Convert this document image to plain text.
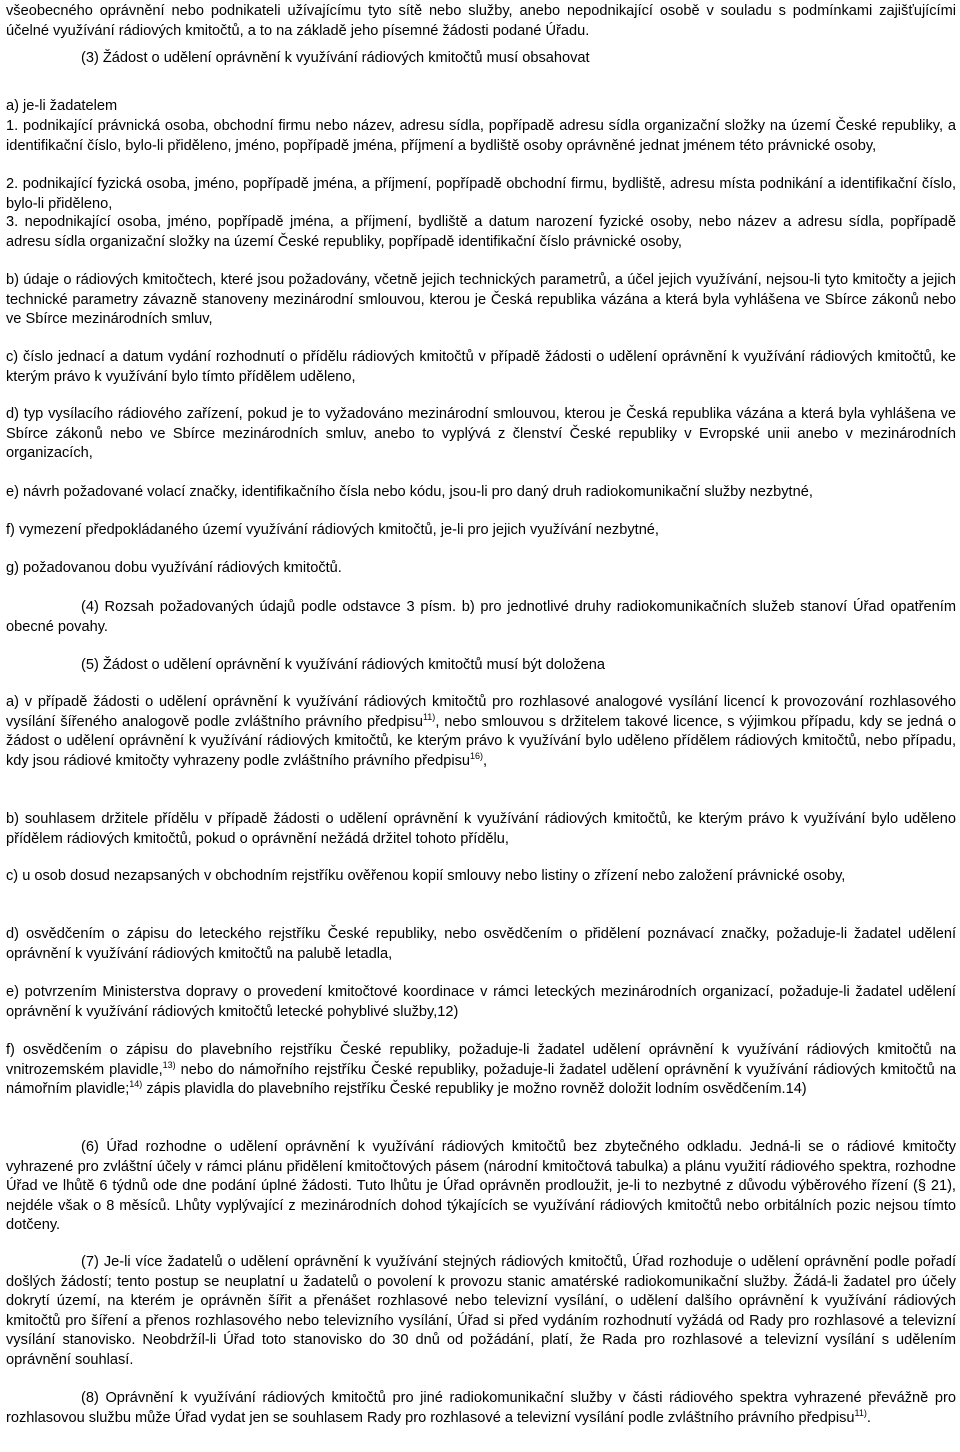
všeobecného oprávnění nebo podnikateli užívajícímu tyto sítě nebo služby, anebo nepodnikající osobě v souladu s podmínkami zajišťujícími účelné využívání rádiových kmitočtů, a to na základě jeho písemné žádosti podané Úřadu.

(3) Žádost o udělení oprávnění k využívání rádiových kmitočtů musí obsahovat

a) je-li žadatelem

1. podnikající právnická osoba, obchodní firmu nebo název, adresu sídla, popřípadě adresu sídla organizační složky na území České republiky, a identifikační číslo, bylo-li přiděleno, jméno, popřípadě jména, příjmení a bydliště osoby oprávněné jednat jménem této právnické osoby,

2. podnikající fyzická osoba, jméno, popřípadě jména, a příjmení, popřípadě obchodní firmu, bydliště, adresu místa podnikání a identifikační číslo, bylo-li přiděleno,

3. nepodnikající osoba, jméno, popřípadě jména, a příjmení, bydliště a datum narození fyzické osoby, nebo název a adresu sídla, popřípadě adresu sídla organizační složky na území České republiky, popřípadě identifikační číslo právnické osoby,

b) údaje o rádiových kmitočtech, které jsou požadovány, včetně jejich technických parametrů, a účel jejich využívání, nejsou-li tyto kmitočty a jejich technické parametry závazně stanoveny mezinárodní smlouvou, kterou je Česká republika vázána a která byla vyhlášena ve Sbírce zákonů nebo ve Sbírce mezinárodních smluv,

c) číslo jednací a datum vydání rozhodnutí o přídělu rádiových kmitočtů v případě žádosti o udělení oprávnění k využívání rádiových kmitočtů, ke kterým právo k využívání bylo tímto přídělem uděleno,

d) typ vysílacího rádiového zařízení, pokud je to vyžadováno mezinárodní smlouvou, kterou je Česká republika vázána a která byla vyhlášena ve Sbírce zákonů nebo ve Sbírce mezinárodních smluv, anebo to vyplývá z členství České republiky v Evropské unii anebo v mezinárodních organizacích,

e) návrh požadované volací značky, identifikačního čísla nebo kódu, jsou-li pro daný druh radiokomunikační služby nezbytné,

f) vymezení předpokládaného území využívání rádiových kmitočtů, je-li pro jejich využívání nezbytné,

g) požadovanou dobu využívání rádiových kmitočtů.

(4) Rozsah požadovaných údajů podle odstavce 3 písm. b) pro jednotlivé druhy radiokomunikačních služeb stanoví Úřad opatřením obecné povahy.

(5) Žádost o udělení oprávnění k využívání rádiových kmitočtů musí být doložena

a) v případě žádosti o udělení oprávnění k využívání rádiových kmitočtů pro rozhlasové analogové vysílání licencí k provozování rozhlasového vysílání šířeného analogově podle zvláštního právního předpisu$^{11)}$, nebo smlouvou s držitelem takové licence, s výjimkou případu, kdy se jedná o žádost o udělení oprávnění k využívání rádiových kmitočtů, ke kterým právo k využívání bylo uděleno přídělem rádiových kmitočtů, nebo případu, kdy jsou rádiové kmitočty vyhrazeny podle zvláštního právního předpisu$^{16)}$,

b) souhlasem držitele přídělu v případě žádosti o udělení oprávnění k využívání rádiových kmitočtů, ke kterým právo k využívání bylo uděleno přídělem rádiových kmitočtů, pokud o oprávnění nežádá držitel tohoto přídělu,

c) u osob dosud nezapsaných v obchodním rejstříku ověřenou kopií smlouvy nebo listiny o zřízení nebo založení právnické osoby,

d) osvědčením o zápisu do leteckého rejstříku České republiky, nebo osvědčením o přidělení poznávací značky, požaduje-li žadatel udělení oprávnění k využívání rádiových kmitočtů na palubě letadla,

e) potvrzením Ministerstva dopravy o provedení kmitočtové koordinace v rámci leteckých mezinárodních organizací, požaduje-li žadatel udělení oprávnění k využívání rádiových kmitočtů letecké pohyblivé služby,12)

f) osvědčením o zápisu do plavebního rejstříku České republiky, požaduje-li žadatel udělení oprávnění k využívání rádiových kmitočtů na vnitrozemském plavidle,$^{13)}$ nebo do námořního rejstříku České republiky, požaduje-li žadatel udělení oprávnění k využívání rádiových kmitočtů na námořním plavidle;$^{14)}$ zápis plavidla do plavebního rejstříku České republiky je možno rovněž doložit lodním osvědčením.14)

(6) Úřad rozhodne o udělení oprávnění k využívání rádiových kmitočtů bez zbytečného odkladu. Jedná-li se o rádiové kmitočty vyhrazené pro zvláštní účely v rámci plánu přidělení kmitočtových pásem (národní kmitočtová tabulka) a plánu využití rádiového spektra, rozhodne Úřad ve lhůtě 6 týdnů ode dne podání úplné žádosti. Tuto lhůtu je Úřad oprávněn prodloužit, je-li to nezbytné z důvodu výběrového řízení (§ 21), nejdéle však o 8 měsíců. Lhůty vyplývající z mezinárodních dohod týkajících se využívání rádiových kmitočtů nebo orbitálních pozic nejsou tímto dotčeny.

(7) Je-li více žadatelů o udělení oprávnění k využívání stejných rádiových kmitočtů, Úřad rozhoduje o udělení oprávnění podle pořadí došlých žádostí; tento postup se neuplatní u žadatelů o povolení k provozu stanic amatérské radiokomunikační služby. Žádá-li žadatel pro účely dokrytí území, na kterém je oprávněn šířit a přenášet rozhlasové nebo televizní vysílání, o udělení dalšího oprávnění k využívání rádiových kmitočtů pro šíření a přenos rozhlasového nebo televizního vysílání, Úřad si před vydáním rozhodnutí vyžádá od Rady pro rozhlasové a televizní vysílání stanovisko. Neobdržíl-li Úřad toto stanovisko do 30 dnů od požádání, platí, že Rada pro rozhlasové a televizní vysílání s udělením oprávnění souhlasí.

(8) Oprávnění k využívání rádiových kmitočtů pro jiné radiokomunikační služby v části rádiového spektra vyhrazené převážně pro rozhlasovou službu může Úřad vydat jen se souhlasem Rady pro rozhlasové a televizní vysílání podle zvláštního právního předpisu$^{11)}$.
